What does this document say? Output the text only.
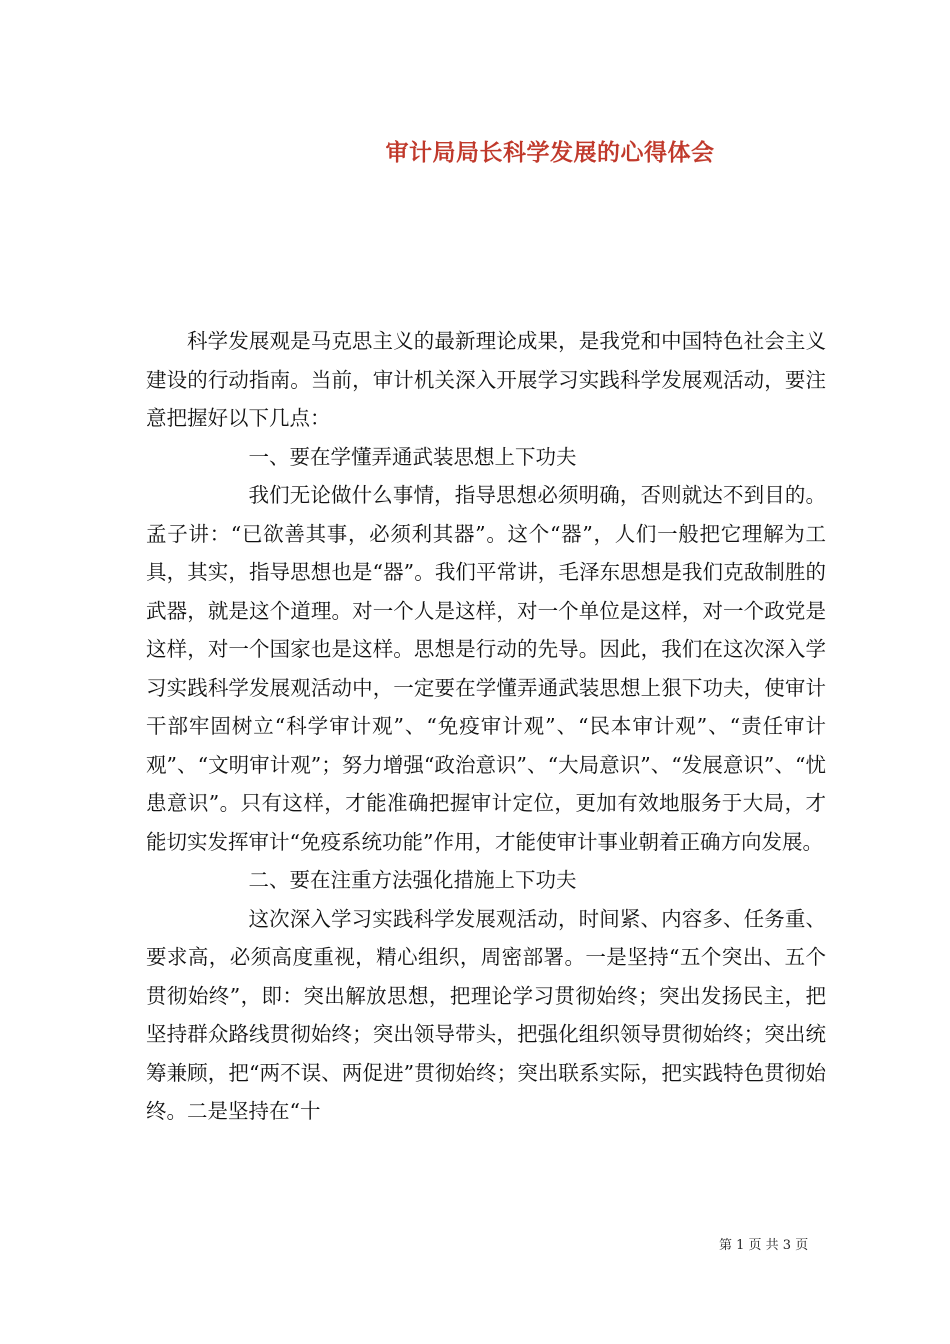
审计局局长科学发展的心得体会

科学发展观是马克思主义的最新理论成果，是我党和中国特色社会主义建设的行动指南。当前，审计机关深入开展学习实践科学发展观活动，要注意把握好以下几点：

一、要在学懂弄通武装思想上下功夫

我们无论做什么事情，指导思想必须明确，否则就达不到目的。孟子讲：“已欲善其事，必须利其器”。这个“器”，人们一般把它理解为工具，其实，指导思想也是“器”。我们平常讲，毛泽东思想是我们克敌制胜的武器，就是这个道理。对一个人是这样，对一个单位是这样，对一个政党是这样，对一个国家也是这样。思想是行动的先导。因此，我们在这次深入学习实践科学发展观活动中，一定要在学懂弄通武装思想上狠下功夫，使审计干部牢固树立“科学审计观”、“免疫审计观”、“民本审计观”、“责任审计观”、“文明审计观”；努力增强“政治意识”、“大局意识”、“发展意识”、“忧患意识”。只有这样，才能准确把握审计定位，更加有效地服务于大局，才能切实发挥审计“免疫系统功能”作用，才能使审计事业朝着正确方向发展。

二、要在注重方法强化措施上下功夫

这次深入学习实践科学发展观活动，时间紧、内容多、任务重、要求高，必须高度重视，精心组织，周密部署。一是坚持“五个突出、五个贯彻始终”，即：突出解放思想，把理论学习贯彻始终；突出发扬民主，把坚持群众路线贯彻始终；突出领导带头，把强化组织领导贯彻始终；突出统筹兼顾，把“两不误、两促进”贯彻始终；突出联系实际，把实践特色贯彻始终。二是坚持在“十

第 1 页 共 3 页
